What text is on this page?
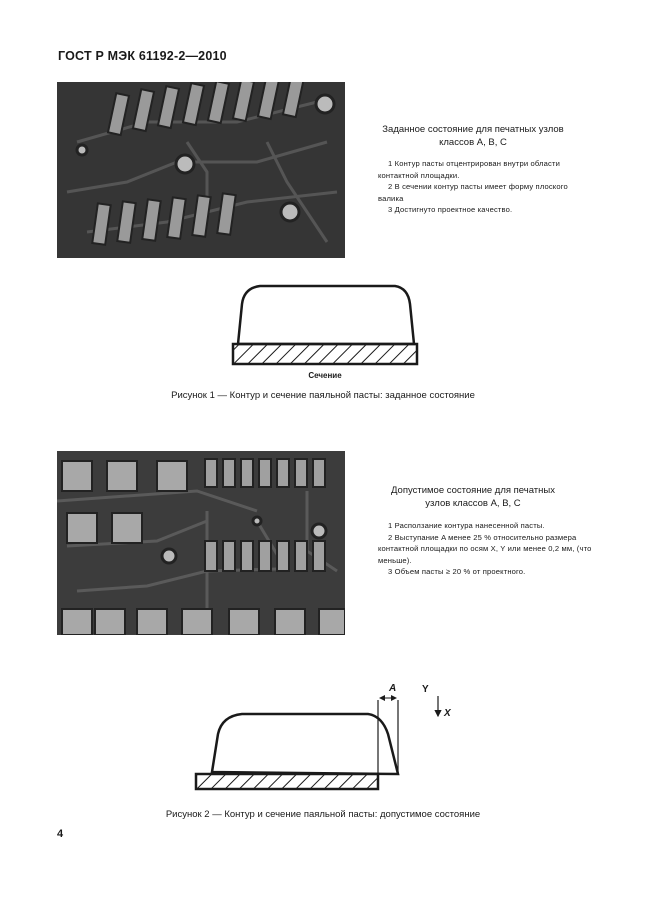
ГОСТ Р МЭК 61192-2—2010
Заданное состояние для печатных узлов классов А, В, С

1 Контур пасты отцентрирован внутри области контактной площадки.

2 В сечении контур пасты имеет форму плоского валика

3 Достигнуто проектное качество.

Сечение
Рисунок 1 — Контур и сечение паяльной пасты: заданное состояние
Допустимое состояние для печатных узлов классов А, В, С

1 Расползание контура нанесенной пасты.

2 Выступание A менее 25 % относительно размера контактной площадки по осям X, Y или менее 0,2 мм, (что меньше).

3 Объем пасты ≥ 20 % от проектного.

A	Y
X
Рисунок 2 — Контур и сечение паяльной пасты: допустимое состояние
4
